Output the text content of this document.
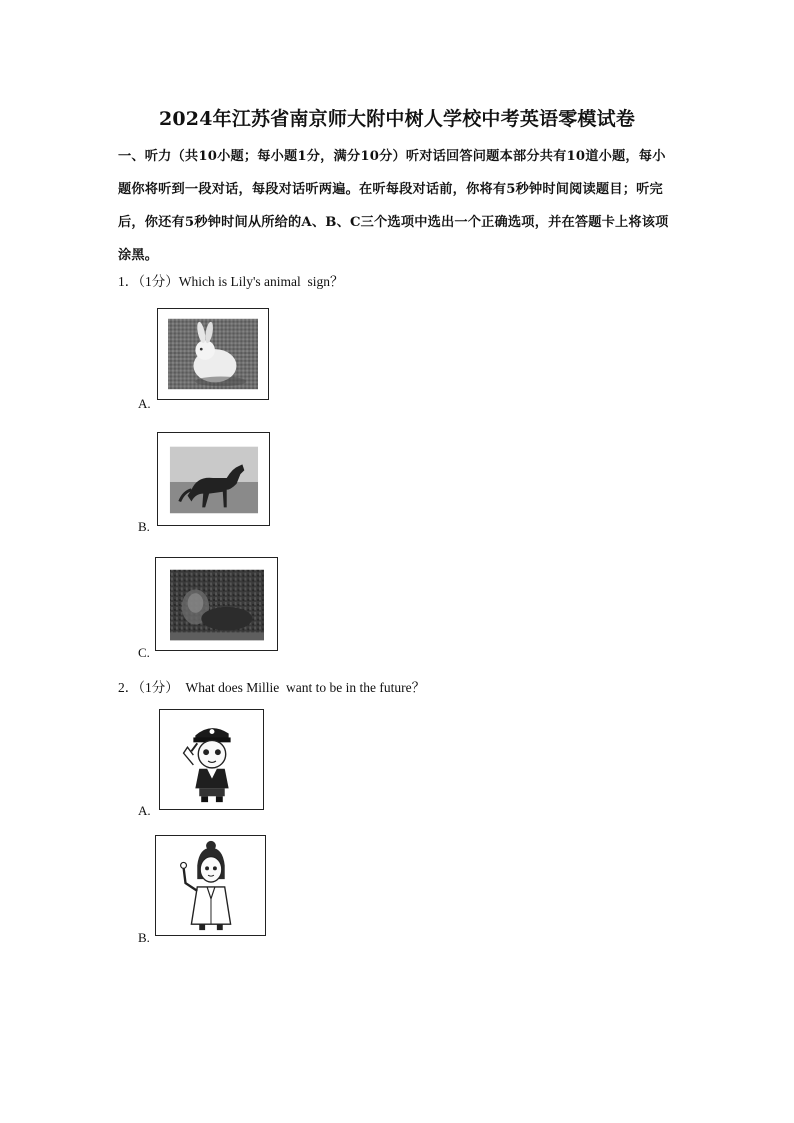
2024年江苏省南京师大附中树人学校中考英语零模试卷

一、听力（共10小题；每小题1分，满分10分）听对话回答问题本部分共有10道小题，每小题你将听到一段对话，每段对话听两遍。在听每段对话前，你将有5秒钟时间阅读题目；听完后，你还有5秒钟时间从所给的A、B、C三个选项中选出一个正确选项，并在答题卡上将该项涂黑。

1．（1分）Which is Lily's animal  sign？

A.

B.

C.

2．（1分）  What does Millie  want to be in the future？

A.

B.
